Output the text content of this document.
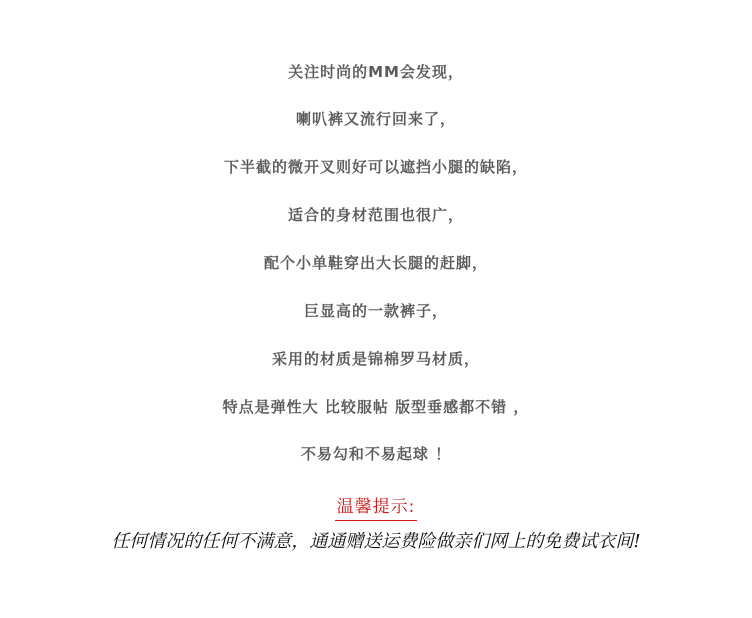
关注时尚的MM会发现，
喇叭裤又流行回来了，
下半截的微开叉则好可以遮挡小腿的缺陷，
适合的身材范围也很广，
配个小单鞋穿出大长腿的赶脚，
巨显高的一款裤子，
采用的材质是锦棉罗马材质，
特点是弹性大 比较服帖 版型垂感都不错 ，
不易勾和不易起球 ！
温馨提示:
任何情况的任何不满意，通通赠送运费险做亲们网上的免费试衣间!
